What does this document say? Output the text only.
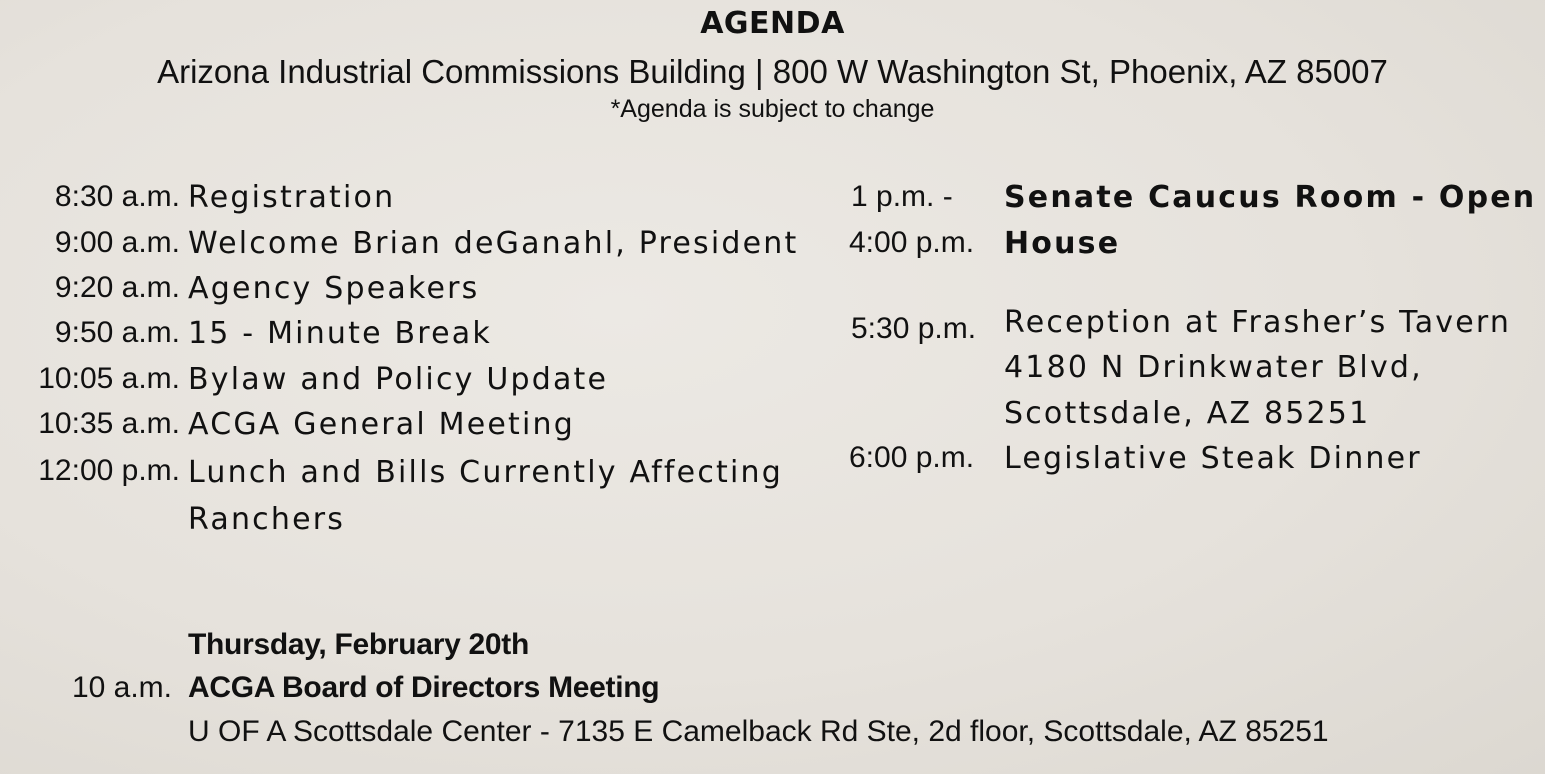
AGENDA
Arizona Industrial Commissions Building | 800 W Washington St, Phoenix, AZ 85007
*Agenda is subject to change
8:30 a.m. Registration
9:00 a.m. Welcome Brian deGanahl, President
9:20 a.m. Agency Speakers
9:50 a.m. 15 - Minute Break
10:05 a.m. Bylaw and Policy Update
10:35 a.m. ACGA General Meeting
12:00 p.m. Lunch and Bills Currently Affecting
Ranchers
1 p.m. -
4:00 p.m.
Senate Caucus Room - Open
House
5:30 p.m. Reception at Frasher’s Tavern
4180 N Drinkwater Blvd,
Scottsdale, AZ 85251
6:00 p.m. Legislative Steak Dinner
Thursday, February 20th
10 a.m. ACGA Board of Directors Meeting
U OF A Scottsdale Center - 7135 E Camelback Rd Ste, 2d floor, Scottsdale, AZ 85251
